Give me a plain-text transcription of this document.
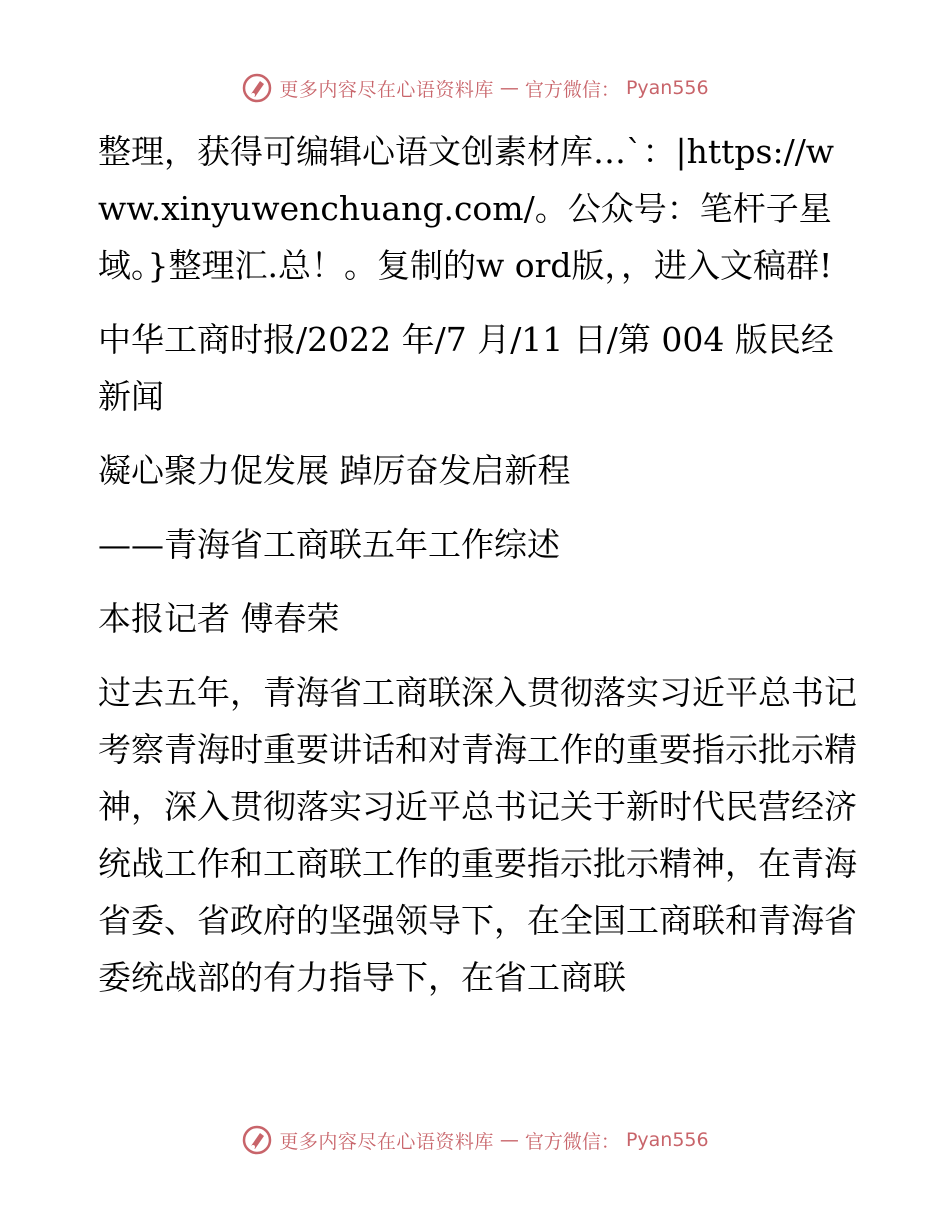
更多内容尽在心语资料库 — 官方微信： Pyan556

整理，获得可编辑心语文创素材库…`：|https://www.xinyuwenchuang.com/。公众号：笔杆子星域。}整理汇.总！。复制的w ord版，，进入文稿群!

中华工商时报/2022 年/7 月/11 日/第 004 版民经新闻

凝心聚力促发展 踔厉奋发启新程

——青海省工商联五年工作综述

本报记者 傅春荣

过去五年，青海省工商联深入贯彻落实习近平总书记考察青海时重要讲话和对青海工作的重要指示批示精神，深入贯彻落实习近平总书记关于新时代民营经济统战工作和工商联工作的重要指示批示精神，在青海省委、省政府的坚强领导下，在全国工商联和青海省委统战部的有力指导下，在省工商联

更多内容尽在心语资料库 — 官方微信： Pyan556
